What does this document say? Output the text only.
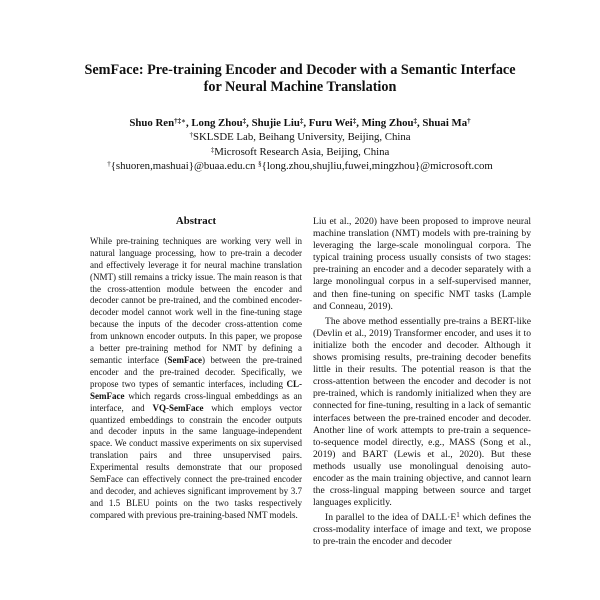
SemFace: Pre-training Encoder and Decoder with a Semantic Interface
for Neural Machine Translation
Shuo Ren†‡∗, Long Zhou‡, Shujie Liu‡, Furu Wei‡, Ming Zhou‡, Shuai Ma†
†SKLSDE Lab, Beihang University, Beijing, China
‡Microsoft Research Asia, Beijing, China
†{shuoren,mashuai}@buaa.edu.cn §{long.zhou,shujliu,fuwei,mingzhou}@microsoft.com
Abstract

While pre-training techniques are working very well in natural language processing, how to pre-train a decoder and effectively leverage it for neural machine translation (NMT) still remains a tricky issue. The main reason is that the cross-attention module between the encoder and decoder cannot be pre-trained, and the combined encoder-decoder model cannot work well in the fine-tuning stage because the inputs of the decoder cross-attention come from unknown encoder outputs. In this paper, we propose a better pre-training method for NMT by defining a semantic interface (SemFace) between the pre-trained encoder and the pre-trained decoder. Specifically, we propose two types of semantic interfaces, including CL-SemFace which regards cross-lingual embeddings as an interface, and VQ-SemFace which employs vector quantized embeddings to constrain the encoder outputs and decoder inputs in the same language-independent space. We conduct massive experiments on six supervised translation pairs and three unsupervised pairs. Experimental results demonstrate that our proposed SemFace can effectively connect the pre-trained encoder and decoder, and achieves significant improvement by 3.7 and 1.5 BLEU points on the two tasks respectively compared with previous pre-training-based NMT models.

Liu et al., 2020) have been proposed to improve neural machine translation (NMT) models with pre-training by leveraging the large-scale monolingual corpora. The typical training process usually consists of two stages: pre-training an encoder and a decoder separately with a large monolingual corpus in a self-supervised manner, and then fine-tuning on specific NMT tasks (Lample and Conneau, 2019).

The above method essentially pre-trains a BERT-like (Devlin et al., 2019) Transformer encoder, and uses it to initialize both the encoder and decoder. Although it shows promising results, pre-training decoder benefits little in their results. The potential reason is that the cross-attention between the encoder and decoder is not pre-trained, which is randomly initialized when they are connected for fine-tuning, resulting in a lack of semantic interfaces between the pre-trained encoder and decoder. Another line of work attempts to pre-train a sequence-to-sequence model directly, e.g., MASS (Song et al., 2019) and BART (Lewis et al., 2020). But these methods usually use monolingual denoising auto-encoder as the main training objective, and cannot learn the cross-lingual mapping between source and target languages explicitly.

In parallel to the idea of $DALL\cdot E^1$ which defines the cross-modality interface of image and text, we propose to pre-train the encoder and decoder
